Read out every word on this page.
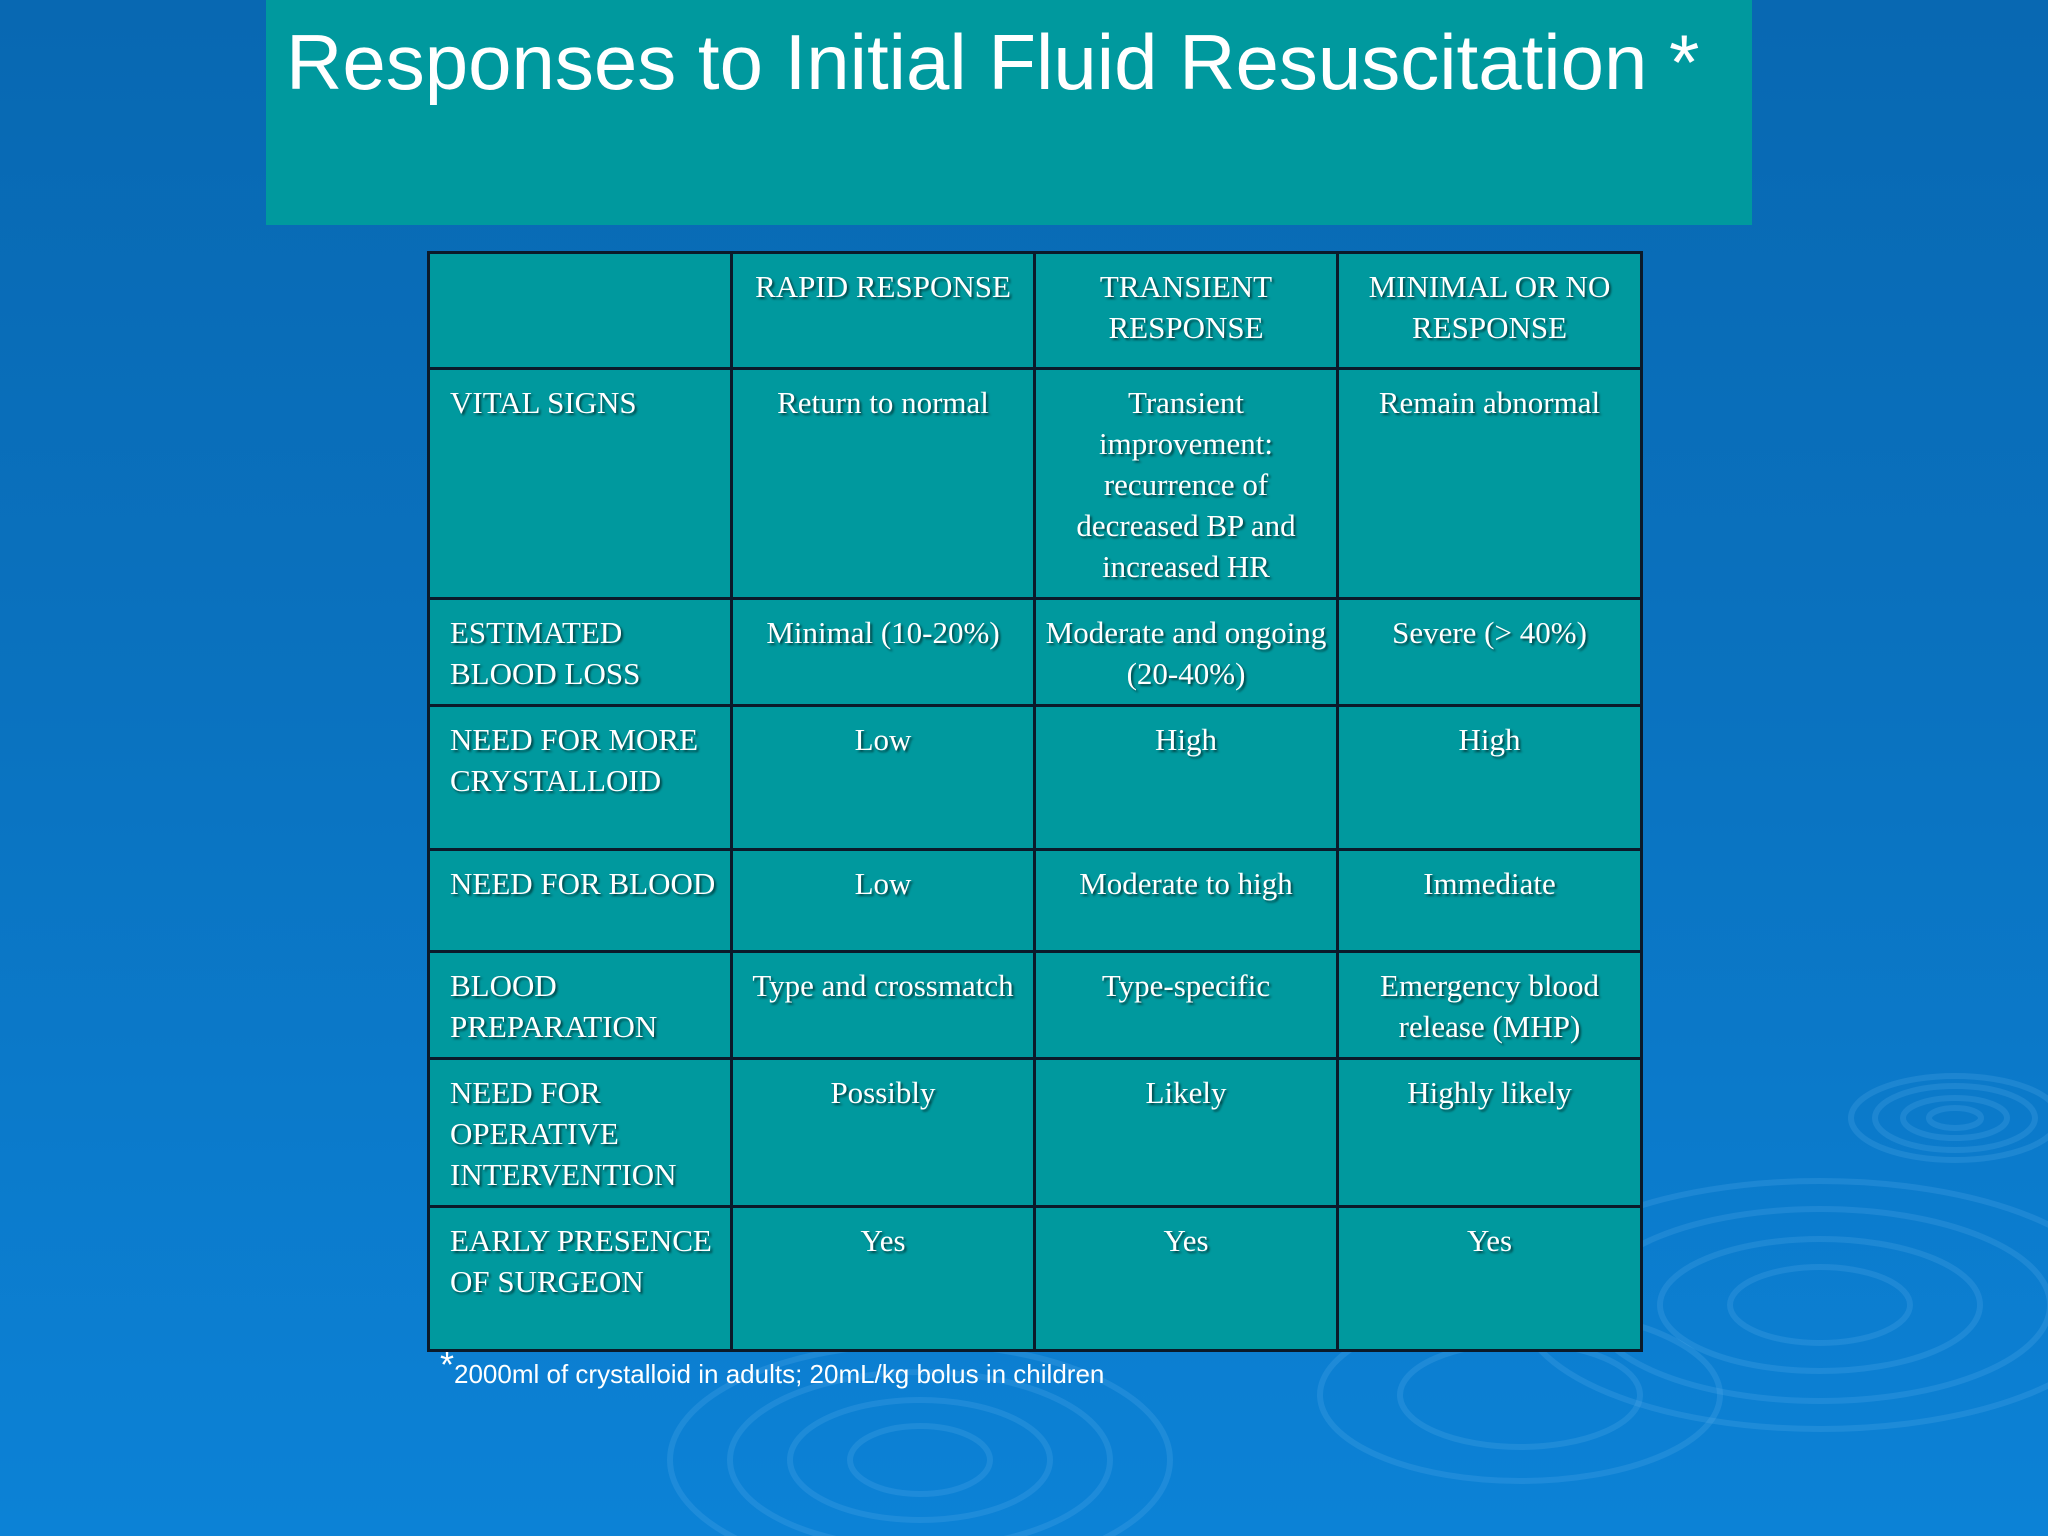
Responses to Initial Fluid Resuscitation *
	RAPID RESPONSE	TRANSIENT RESPONSE	MINIMAL OR NO RESPONSE
VITAL SIGNS	Return to normal	Transient improvement: recurrence of decreased BP and increased HR	Remain abnormal
ESTIMATED BLOOD LOSS	Minimal (10-20%)	Moderate and ongoing (20-40%)	Severe (> 40%)
NEED FOR MORE CRYSTALLOID	Low	High	High
NEED FOR BLOOD	Low	Moderate to high	Immediate
BLOOD PREPARATION	Type and crossmatch	Type-specific	Emergency blood release (MHP)
NEED FOR OPERATIVE INTERVENTION	Possibly	Likely	Highly likely
EARLY PRESENCE OF SURGEON	Yes	Yes	Yes
*2000ml of crystalloid in adults; 20mL/kg bolus in children
